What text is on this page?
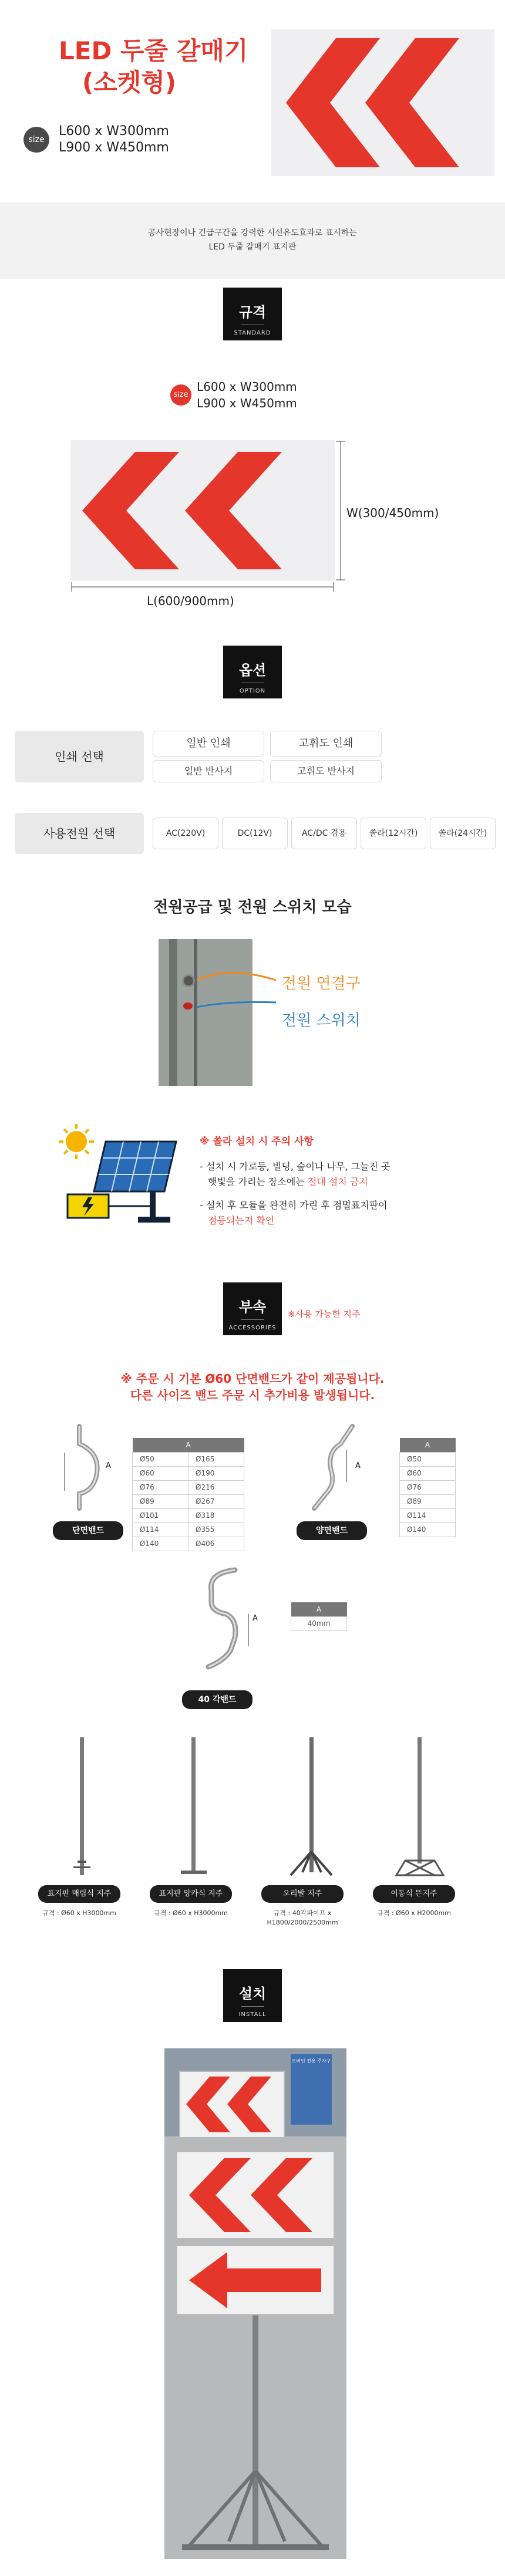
LED 두줄 갈매기
(소켓형)
size
L600 x W300mm
L900 x W450mm

공사현장이나 긴급구간을 강력한 시선유도효과로 표시하는

LED 두줄 갈매기 표지판

규격
STANDARD
size
L600 x W300mm
L900 x W450mm
W(300/450mm)
L(600/900mm)
옵션
OPTION
인쇄 선택
일반 인쇄	고휘도 인쇄
일반 반사지	고휘도 반사지
사용전원 선택	AC(220V)	DC(12V)	AC/DC 겸용	쏠라(12시간)	쏠라(24시간)
전원공급 및 전원 스위치 모습
전원 연결구
전원 스위치
※ 쏠라 설치 시 주의 사항
- 설치 시 가로등, 빌딩, 숲이나 나무, 그늘진 곳
햇빛을 가리는 장소에는 절대 설치 금지
- 설치 후 모듈을 완전히 가린 후 점멸표지판이
점등되는지 확인
부속
ACCESSORIES
※사용 가능한 지주
※ 주문 시 기본 Ø60 단면밴드가 같이 제공됩니다.
다른 사이즈 밴드 주문 시 추가비용 발생됩니다.
A
A	
Ø50	Ø165
Ø60	Ø190
Ø76	Ø216
Ø89	Ø267
Ø101	Ø318
Ø114	Ø355
Ø140	Ø406
단면밴드
A
A
Ø50
Ø60
Ø76
Ø89
Ø114
Ø140
양면밴드
A
A
40mm
40 각밴드
표지판 매립식 지주
규격 : Ø60 x H3000mm
표지판 앙카식 지주
규격 : Ø60 x H3000mm
오리발 지주
규격 : 40각파이프 x
H1800/2000/2500mm
이동식 뜬지주
규격 : Ø60 x H2000mm
설치
INSTALL
오버인 전용 주자구
